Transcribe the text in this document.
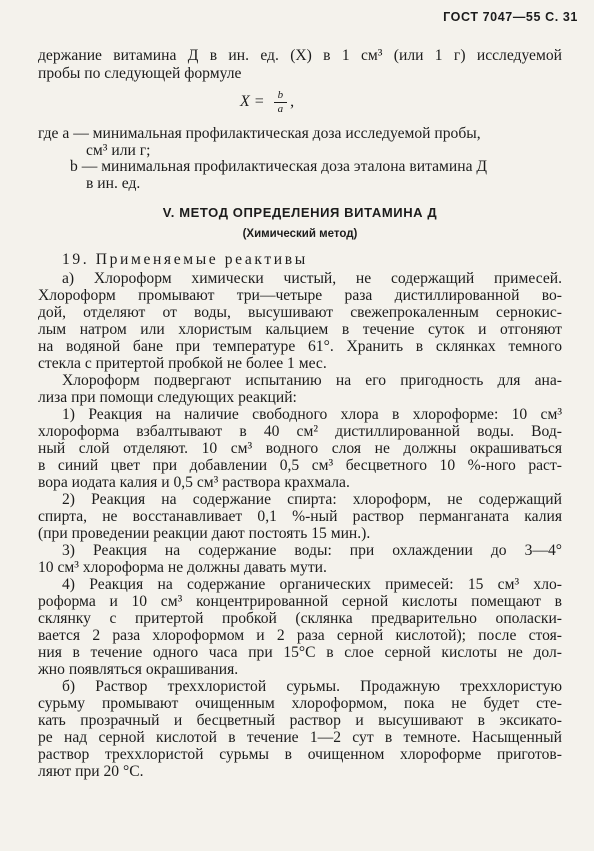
ГОСТ 7047—55 С. 31
держание витамина Д в ин. ед. (X) в 1 см³ (или 1 г) исследуемой
пробы по следующей формуле
$X = \frac{b}{a}$ ,
где a — минимальная профилактическая доза исследуемой пробы,
см³ или г;
b — минимальная профилактическая доза эталона витамина Д
в ин. ед.
V. МЕТОД ОПРЕДЕЛЕНИЯ ВИТАМИНА Д
(Химический метод)
19. Применяемые реактивы
а) Хлороформ химически чистый, не содержащий примесей.
Хлороформ промывают три—четыре раза дистиллированной во-
дой, отделяют от воды, высушивают свежепрокаленным сернокис-
лым натром или хлористым кальцием в течение суток и отгоняют
на водяной бане при температуре 61°. Хранить в склянках темного
стекла с притертой пробкой не более 1 мес.
Хлороформ подвергают испытанию на его пригодность для ана-
лиза при помощи следующих реакций:
1) Реакция на наличие свободного хлора в хлороформе: 10 см³
хлороформа взбалтывают в 40 см² дистиллированной воды. Вод-
ный слой отделяют. 10 см³ водного слоя не должны окрашиваться
в синий цвет при добавлении 0,5 см³ бесцветного 10 %-ного раст-
вора иодата калия и 0,5 см³ раствора крахмала.
2) Реакция на содержание спирта: хлороформ, не содержащий
спирта, не восстанавливает 0,1 %-ный раствор перманганата калия
(при проведении реакции дают постоять 15 мин.).
3) Реакция на содержание воды: при охлаждении до 3—4°
10 см³ хлороформа не должны давать мути.
4) Реакция на содержание органических примесей: 15 см³ хло-
роформа и 10 см³ концентрированной серной кислоты помещают в
склянку с притертой пробкой (склянка предварительно ополаски-
вается 2 раза хлороформом и 2 раза серной кислотой); после стоя-
ния в течение одного часа при 15°С в слое серной кислоты не дол-
жно появляться окрашивания.
б) Раствор треххлористой сурьмы. Продажную треххлористую
сурьму промывают очищенным хлороформом, пока не будет сте-
кать прозрачный и бесцветный раствор и высушивают в эксикато-
ре над серной кислотой в течение 1—2 сут в темноте. Насыщенный
раствор треххлористой сурьмы в очищенном хлороформе приготов-
ляют при 20 °С.
